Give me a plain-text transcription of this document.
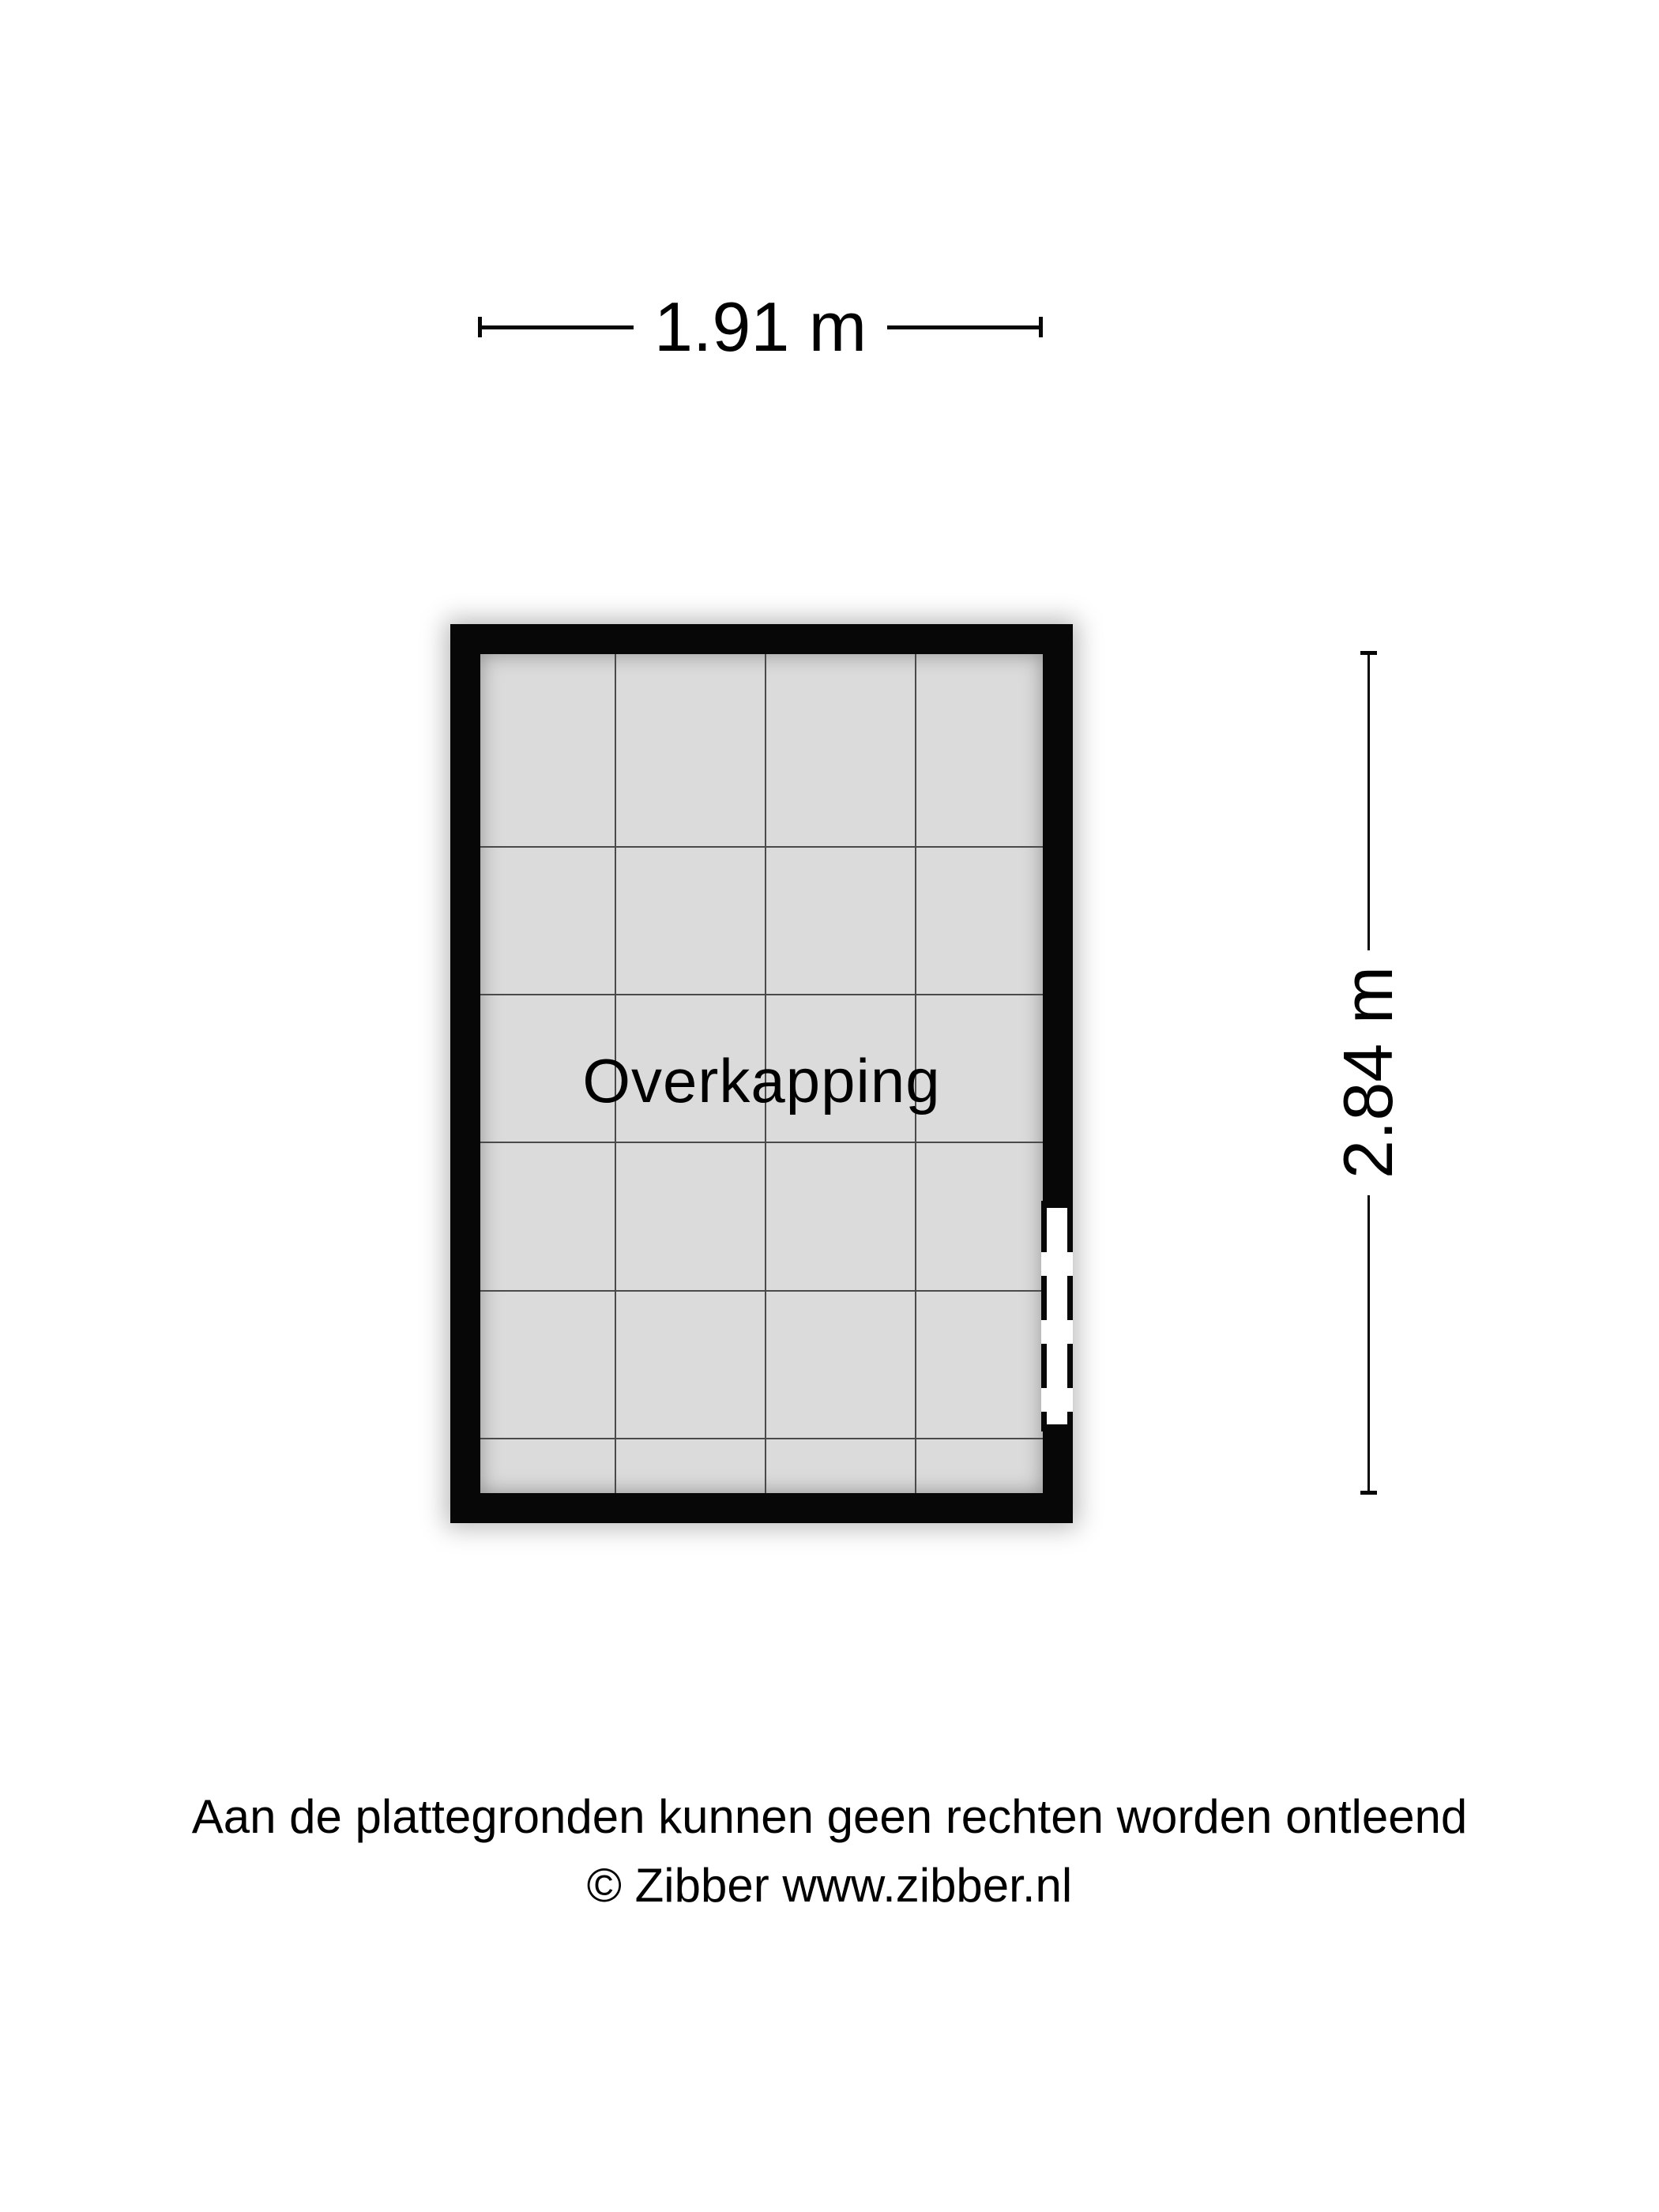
1.91 m
Overkapping	2.84 m
Aan de plattegronden kunnen geen rechten worden ontleend
© Zibber www.zibber.nl
